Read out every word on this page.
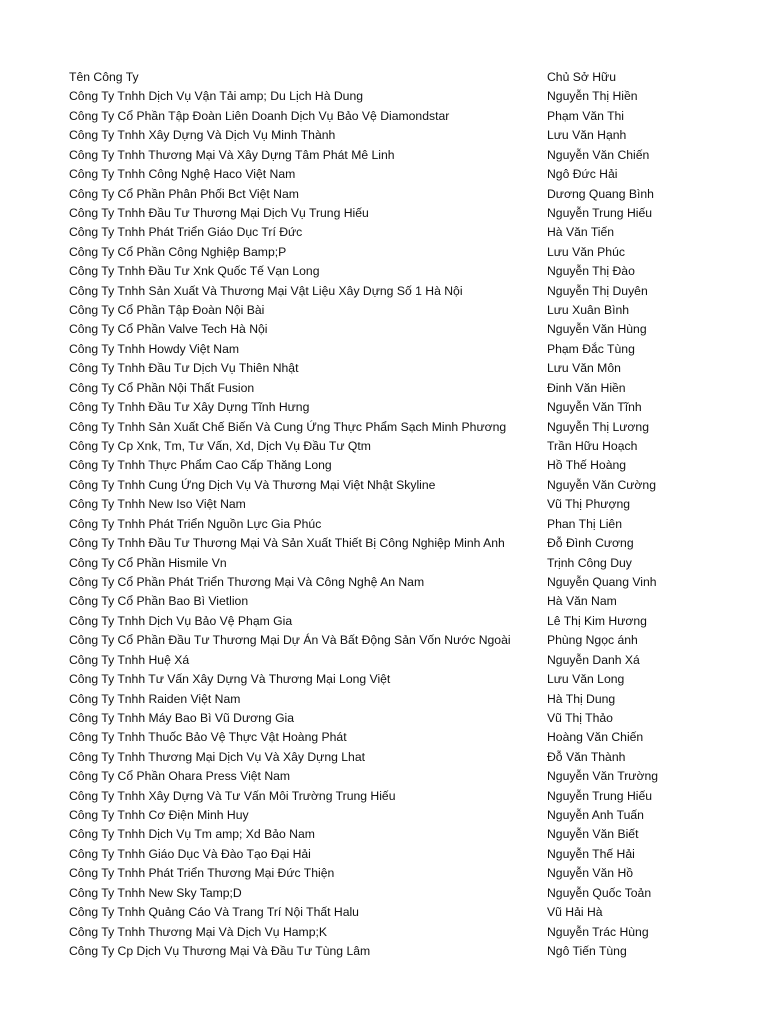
Tên Công Ty	Chủ Sở Hữu
Công Ty Tnhh Dịch Vụ Vận Tải amp; Du Lịch Hà Dung	Nguyễn Thị Hiền
Công Ty Cổ Phần Tập Đoàn Liên Doanh Dịch Vụ Bảo Vệ Diamondstar	Phạm Văn Thi
Công Ty Tnhh Xây Dựng Và Dịch Vụ Minh Thành	Lưu Văn Hạnh
Công Ty Tnhh Thương Mại Và Xây Dựng Tâm Phát Mê Linh	Nguyễn Văn Chiến
Công Ty Tnhh Công Nghệ Haco Việt Nam	Ngô Đức Hải
Công Ty Cổ Phần Phân Phối Bct Việt Nam	Dương Quang Bình
Công Ty Tnhh Đầu Tư Thương Mại Dịch Vụ Trung Hiếu	Nguyễn Trung Hiếu
Công Ty Tnhh Phát Triển Giáo Dục Trí Đức	Hà Văn Tiến
Công Ty Cổ Phần Công Nghiệp Bamp;P	Lưu Văn Phúc
Công Ty Tnhh Đầu Tư Xnk Quốc Tế Vạn Long	Nguyễn Thị Đào
Công Ty Tnhh Sản Xuất Và Thương Mại Vật Liệu Xây Dựng Số 1 Hà Nội	Nguyễn Thị Duyên
Công Ty Cổ Phần Tập Đoàn Nội Bài	Lưu Xuân Bình
Công Ty Cổ Phần Valve Tech Hà Nội	Nguyễn Văn Hùng
Công Ty Tnhh Howdy Việt Nam	Phạm Đắc Tùng
Công Ty Tnhh Đầu Tư Dịch Vụ Thiên Nhật	Lưu Văn Môn
Công Ty Cổ Phần Nội Thất Fusion	Đinh Văn Hiền
Công Ty Tnhh Đầu Tư Xây Dựng Tĩnh Hưng	Nguyễn Văn Tĩnh
Công Ty Tnhh Sản Xuất Chế Biến Và Cung Ứng Thực Phẩm Sạch Minh Phương	Nguyễn Thị Lương
Công Ty Cp Xnk, Tm, Tư Vấn, Xd, Dịch Vụ Đầu Tư Qtm	Trần Hữu Hoạch
Công Ty Tnhh Thực Phẩm Cao Cấp Thăng Long	Hồ Thế Hoàng
Công Ty Tnhh Cung Ứng Dịch Vụ Và Thương Mại Việt Nhật Skyline	Nguyễn Văn Cường
Công Ty Tnhh New Iso Việt Nam	Vũ Thị Phượng
Công Ty Tnhh Phát Triển Nguồn Lực Gia Phúc	Phan Thị Liên
Công Ty Tnhh Đầu Tư Thương Mại Và Sản Xuất Thiết Bị Công Nghiệp Minh Anh	Đỗ Đình Cương
Công Ty Cổ Phần Hismile Vn	Trịnh Công Duy
Công Ty Cổ Phần Phát Triển Thương Mại Và Công Nghệ An Nam	Nguyễn Quang Vinh
Công Ty Cổ Phần Bao Bì Vietlion	Hà Văn Nam
Công Ty Tnhh Dịch Vụ Bảo Vệ Phạm Gia	Lê Thị Kim Hương
Công Ty Cổ Phần Đầu Tư Thương Mại Dự Án Và Bất Động Sản Vốn Nước Ngoài	Phùng Ngọc ánh
Công Ty Tnhh Huệ Xá	Nguyễn Danh Xá
Công Ty Tnhh Tư Vấn Xây Dựng Và Thương Mại Long Việt	Lưu Văn Long
Công Ty Tnhh Raiden Việt Nam	Hà Thị Dung
Công Ty Tnhh Máy Bao Bì Vũ Dương Gia	Vũ Thị Thảo
Công Ty Tnhh Thuốc Bảo Vệ Thực Vật Hoàng Phát	Hoàng Văn Chiến
Công Ty Tnhh Thương Mại Dịch Vụ Và Xây Dựng Lhat	Đỗ Văn Thành
Công Ty Cổ Phần Ohara Press Việt Nam	Nguyễn Văn Trường
Công Ty Tnhh Xây Dựng Và Tư Vấn Môi Trường Trung Hiếu	Nguyễn Trung Hiếu
Công Ty Tnhh Cơ Điện Minh Huy	Nguyễn Anh Tuấn
Công Ty Tnhh Dịch Vụ Tm amp; Xd Bảo Nam	Nguyễn Văn Biết
Công Ty Tnhh Giáo Dục Và Đào Tạo Đại Hải	Nguyễn Thế Hải
Công Ty Tnhh Phát Triển Thương Mại Đức Thiện	Nguyễn Văn Hồ
Công Ty Tnhh New Sky Tamp;D	Nguyễn Quốc Toản
Công Ty Tnhh Quảng Cáo Và Trang Trí Nội Thất Halu	Vũ Hải Hà
Công Ty Tnhh Thương Mại Và Dịch Vụ Hamp;K	Nguyễn Trác Hùng
Công Ty Cp Dịch Vụ Thương Mại Và Đầu Tư Tùng Lâm	Ngô Tiến Tùng
